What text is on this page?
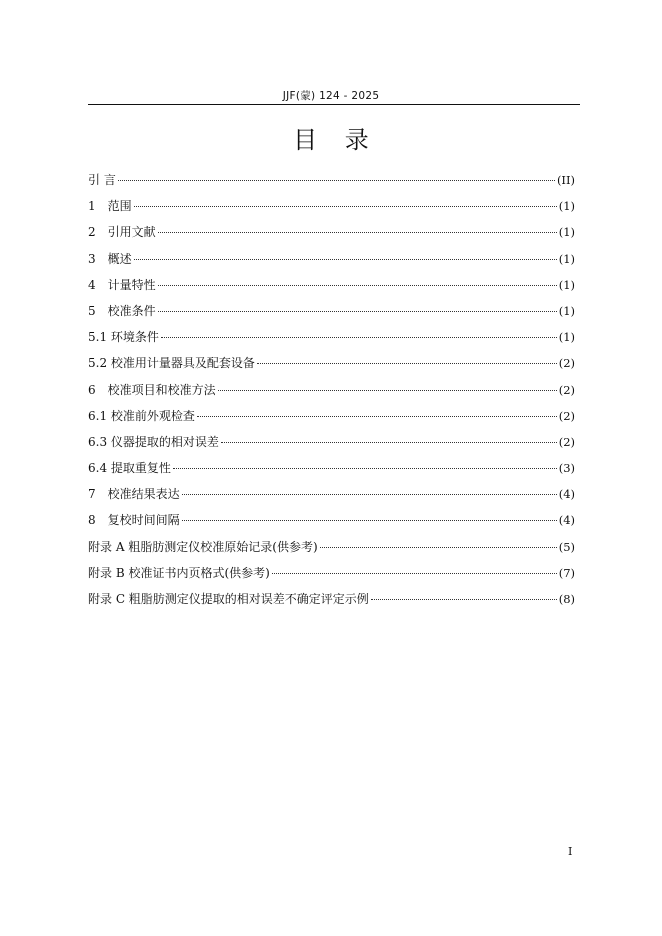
JJF(蒙) 124 - 2025
目 录
引 言	(II)
1　范围	(1)
2　引用文献	(1)
3　概述	(1)
4　计量特性	(1)
5　校准条件	(1)
5.1 环境条件	(1)
5.2 校准用计量器具及配套设备	(2)
6　校准项目和校准方法	(2)
6.1 校准前外观检查	(2)
6.3 仪器提取的相对误差	(2)
6.4 提取重复性	(3)
7　校准结果表达	(4)
8　复校时间间隔	(4)
附录 A 粗脂肪测定仪校准原始记录(供参考)	(5)
附录 B 校准证书内页格式(供参考)	(7)
附录 C 粗脂肪测定仪提取的相对误差不确定评定示例	(8)
I
